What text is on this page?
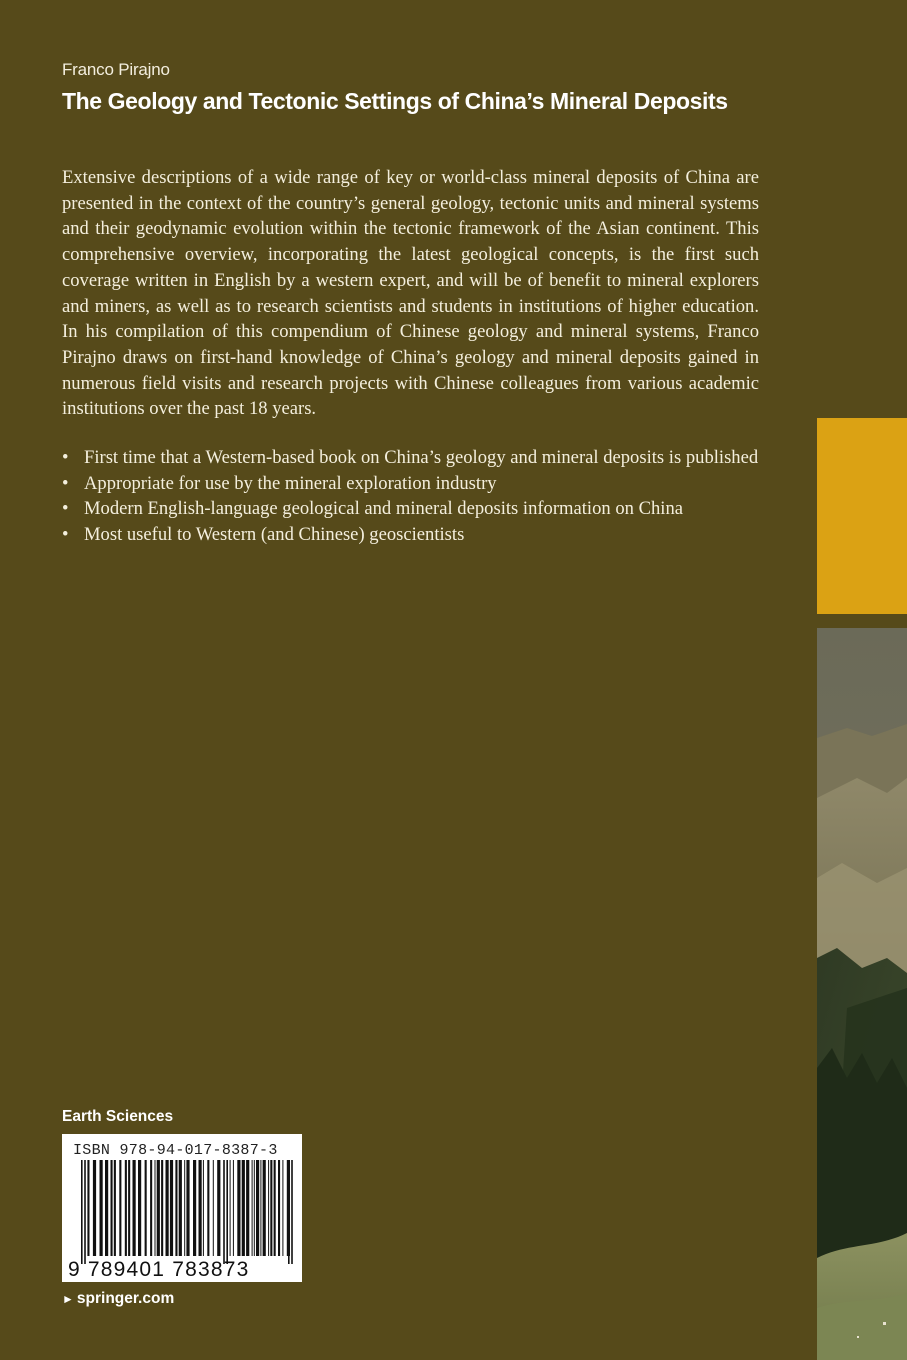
Franco Pirajno
The Geology and Tectonic Settings of China’s Mineral Deposits

Extensive descriptions of a wide range of key or world-class mineral deposits of China are presented in the context of the country’s general geology, tectonic units and mineral systems and their geodynamic evolution within the tectonic framework of the Asian continent. This comprehensive overview, incorporating the latest geological concepts, is the first such coverage written in English by a western expert, and will be of benefit to mineral explorers and miners, as well as to research scientists and students in institutions of higher education. In his compilation of this compendium of Chinese geology and mineral systems, Franco Pirajno draws on first-hand knowledge of China’s geology and mineral deposits gained in numerous field visits and research projects with Chinese colleagues from various academic institutions over the past 18 years.

• First time that a Western-based book on China’s geology and mineral deposits is published
• Appropriate for use by the mineral exploration industry
• Modern English-language geological and mineral deposits information on China
• Most useful to Western (and Chinese) geoscientists
Earth Sciences
ISBN 978-94-017-8387-3
9 789401 783873
► springer.com
